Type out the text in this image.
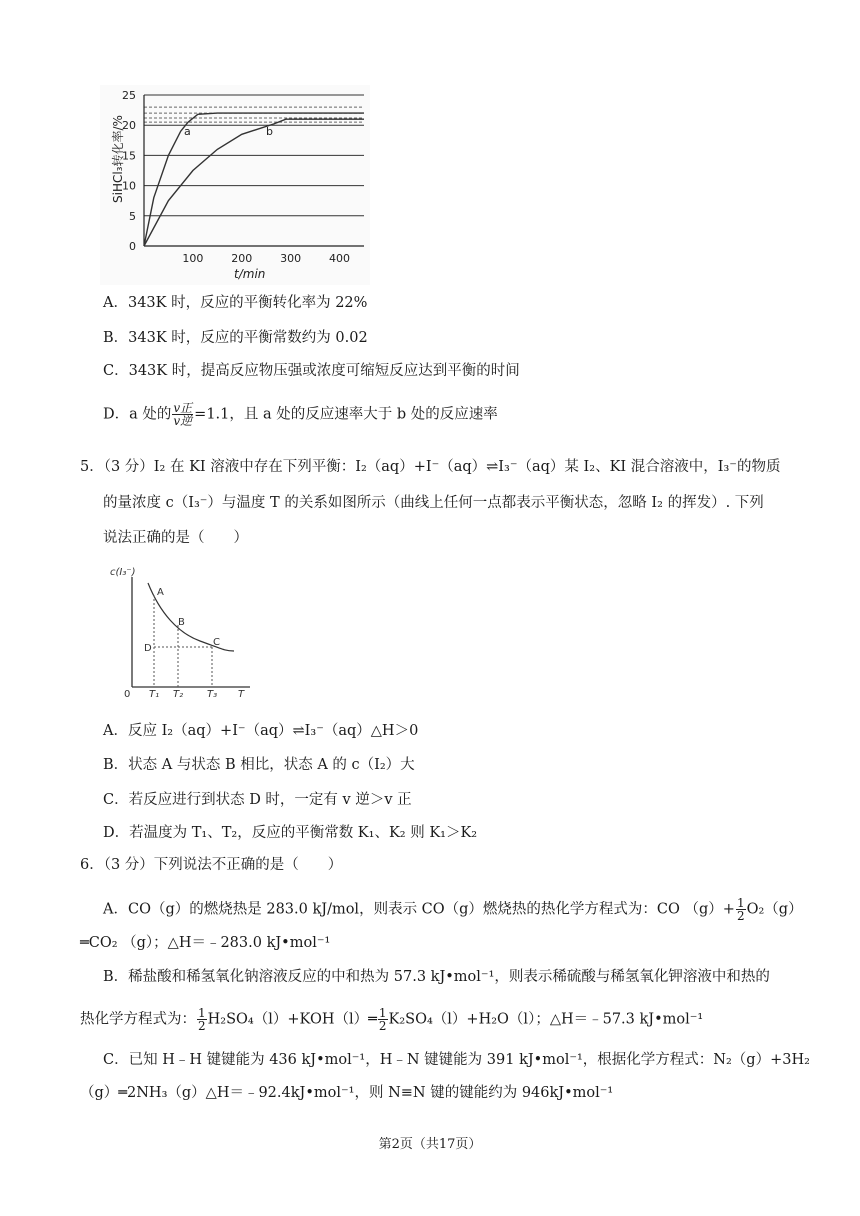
0
5
10
15
20
25
100	200	300	400
a	b
SiHCl₃转化率/%
t/min
A．343K 时，反应的平衡转化率为 22%
B．343K 时，反应的平衡常数约为 0.02
C．343K 时，提高反应物压强或浓度可缩短反应达到平衡的时间
D．a 处的 $\frac{\text{v正}}{\text{v逆}} =1.1$，且 a 处的反应速率大于 b 处的反应速率
5．（3 分）I₂ 在 KI 溶液中存在下列平衡：I₂（aq）+I⁻（aq）⇌I₃⁻（aq）某 I₂、KI 混合溶液中，I₃⁻的物质
的量浓度 c（I₃⁻）与温度 T 的关系如图所示（曲线上任何一点都表示平衡状态，忽略 I₂ 的挥发）. 下列
说法正确的是（　　）
c(I₃⁻)
A
B
C
D
0 T₁ T₂ T₃ T
A．反应 I₂（aq）+I⁻（aq）⇌I₃⁻（aq）△H＞0
B．状态 A 与状态 B 相比，状态 A 的 c（I₂）大
C．若反应进行到状态 D 时，一定有 v 逆＞v 正
D．若温度为 T₁、T₂，反应的平衡常数 K₁、K₂ 则 K₁＞K₂
6．（3 分）下列说法不正确的是（　　）
A．CO（g）的燃烧热是 283.0 kJ/mol，则表示 CO（g）燃烧热的热化学方程式为：CO $(g)+ \frac{1}{2} O_2(g)$
═CO₂ （g）；△H＝﹣283.0 kJ•mol⁻¹
B．稀盐酸和稀氢氧化钠溶液反应的中和热为 57.3 kJ•mol⁻¹，则表示稀硫酸与稀氢氧化钾溶液中和热的
热化学方程式为： $\frac{1}{2}$ H₂SO₄（l）+KOH（l）═ $\frac{1}{2} K_2SO_4(l)+H_2O(l)$；△H＝﹣57.3 kJ•mol⁻¹
C．已知 H﹣H 键键能为 436 kJ•mol⁻¹，H﹣N 键键能为 391 kJ•mol⁻¹，根据化学方程式：N₂（g）+3H₂
（g）═2NH₃（g）△H＝﹣92.4kJ•mol⁻¹，则 N≡N 键的键能约为 946kJ•mol⁻¹
第2页（共17页）
